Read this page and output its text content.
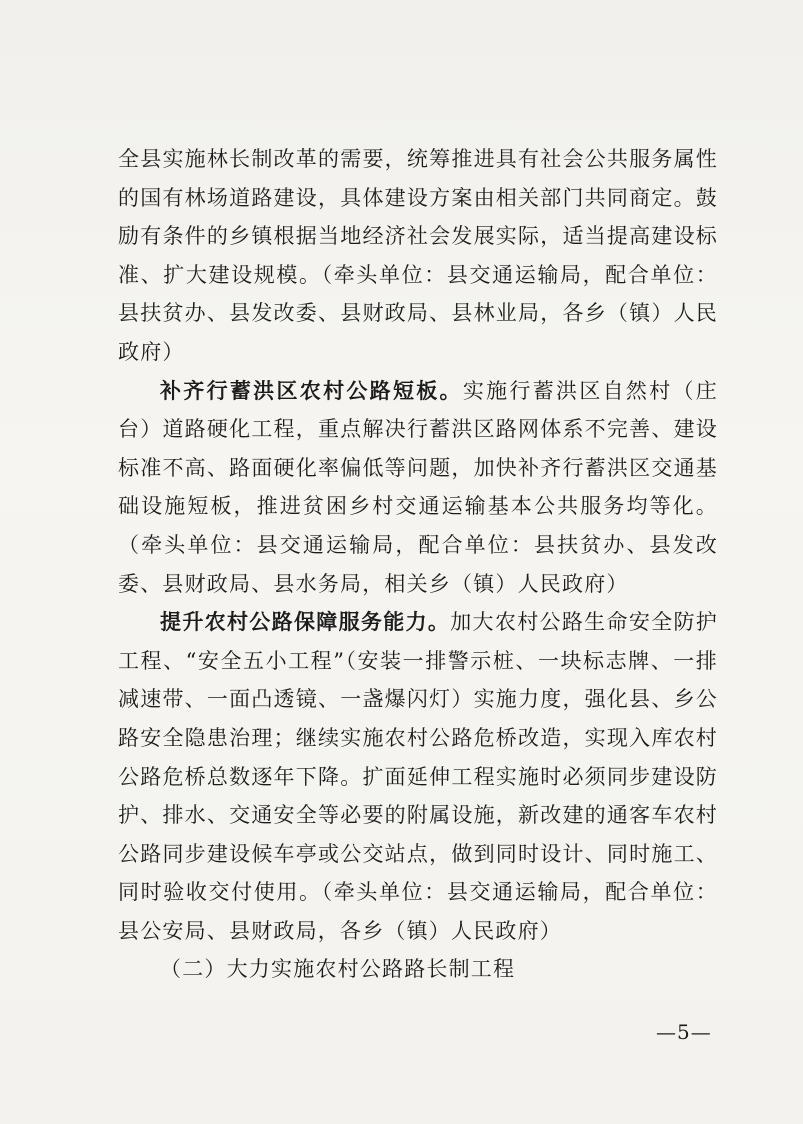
全县实施林长制改革的需要，统筹推进具有社会公共服务属性的国有林场道路建设，具体建设方案由相关部门共同商定。鼓励有条件的乡镇根据当地经济社会发展实际，适当提高建设标准、扩大建设规模。（牵头单位：县交通运输局，配合单位：县扶贫办、县发改委、县财政局、县林业局，各乡（镇）人民政府）

补齐行蓄洪区农村公路短板。实施行蓄洪区自然村（庄台）道路硬化工程，重点解决行蓄洪区路网体系不完善、建设标准不高、路面硬化率偏低等问题，加快补齐行蓄洪区交通基础设施短板，推进贫困乡村交通运输基本公共服务均等化。（牵头单位：县交通运输局，配合单位：县扶贫办、县发改委、县财政局、县水务局，相关乡（镇）人民政府）

提升农村公路保障服务能力。加大农村公路生命安全防护工程、“安全五小工程”（安装一排警示桩、一块标志牌、一排减速带、一面凸透镜、一盏爆闪灯）实施力度，强化县、乡公路安全隐患治理；继续实施农村公路危桥改造，实现入库农村公路危桥总数逐年下降。扩面延伸工程实施时必须同步建设防护、排水、交通安全等必要的附属设施，新改建的通客车农村公路同步建设候车亭或公交站点，做到同时设计、同时施工、同时验收交付使用。（牵头单位：县交通运输局，配合单位：县公安局、县财政局，各乡（镇）人民政府）

（二）大力实施农村公路路长制工程

—5—
